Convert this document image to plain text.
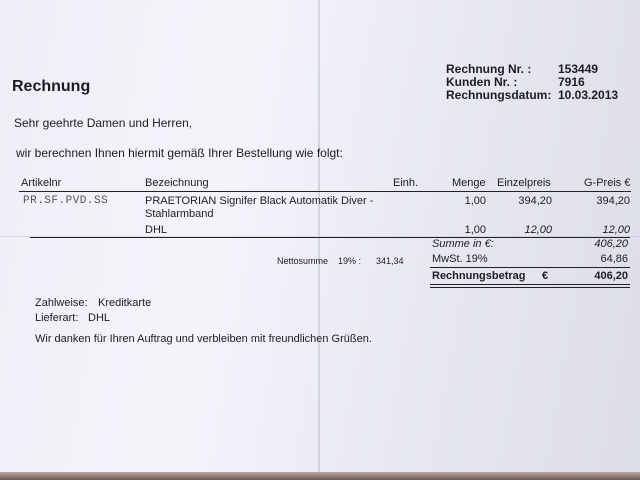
Rechnung Nr. : 153449
Kunden Nr. :	7916
Rechnungsdatum: 10.03.2013
Rechnung
Sehr geehrte Damen und Herren,
wir berechnen Ihnen hiermit gemäß Ihrer Bestellung wie folgt:
Artikelnr	Bezeichnung	Einh.	Menge Einzelpreis	G-Preis €
PR.SF.PVD.SS	PRAETORIAN Signifer Black Automatik Diver -
Stahlarmband
1,00	394,20	394,20
DHL	1,00	12,00	12,00
Summe in €:	406,20
Nettosumme 19% : 341,34	MwSt. 19%	64,86
Rechnungsbetrag €	406,20
Zahlweise: Kreditkarte
Lieferart: DHL
Wir danken für Ihren Auftrag und verbleiben mit freundlichen Grüßen.
